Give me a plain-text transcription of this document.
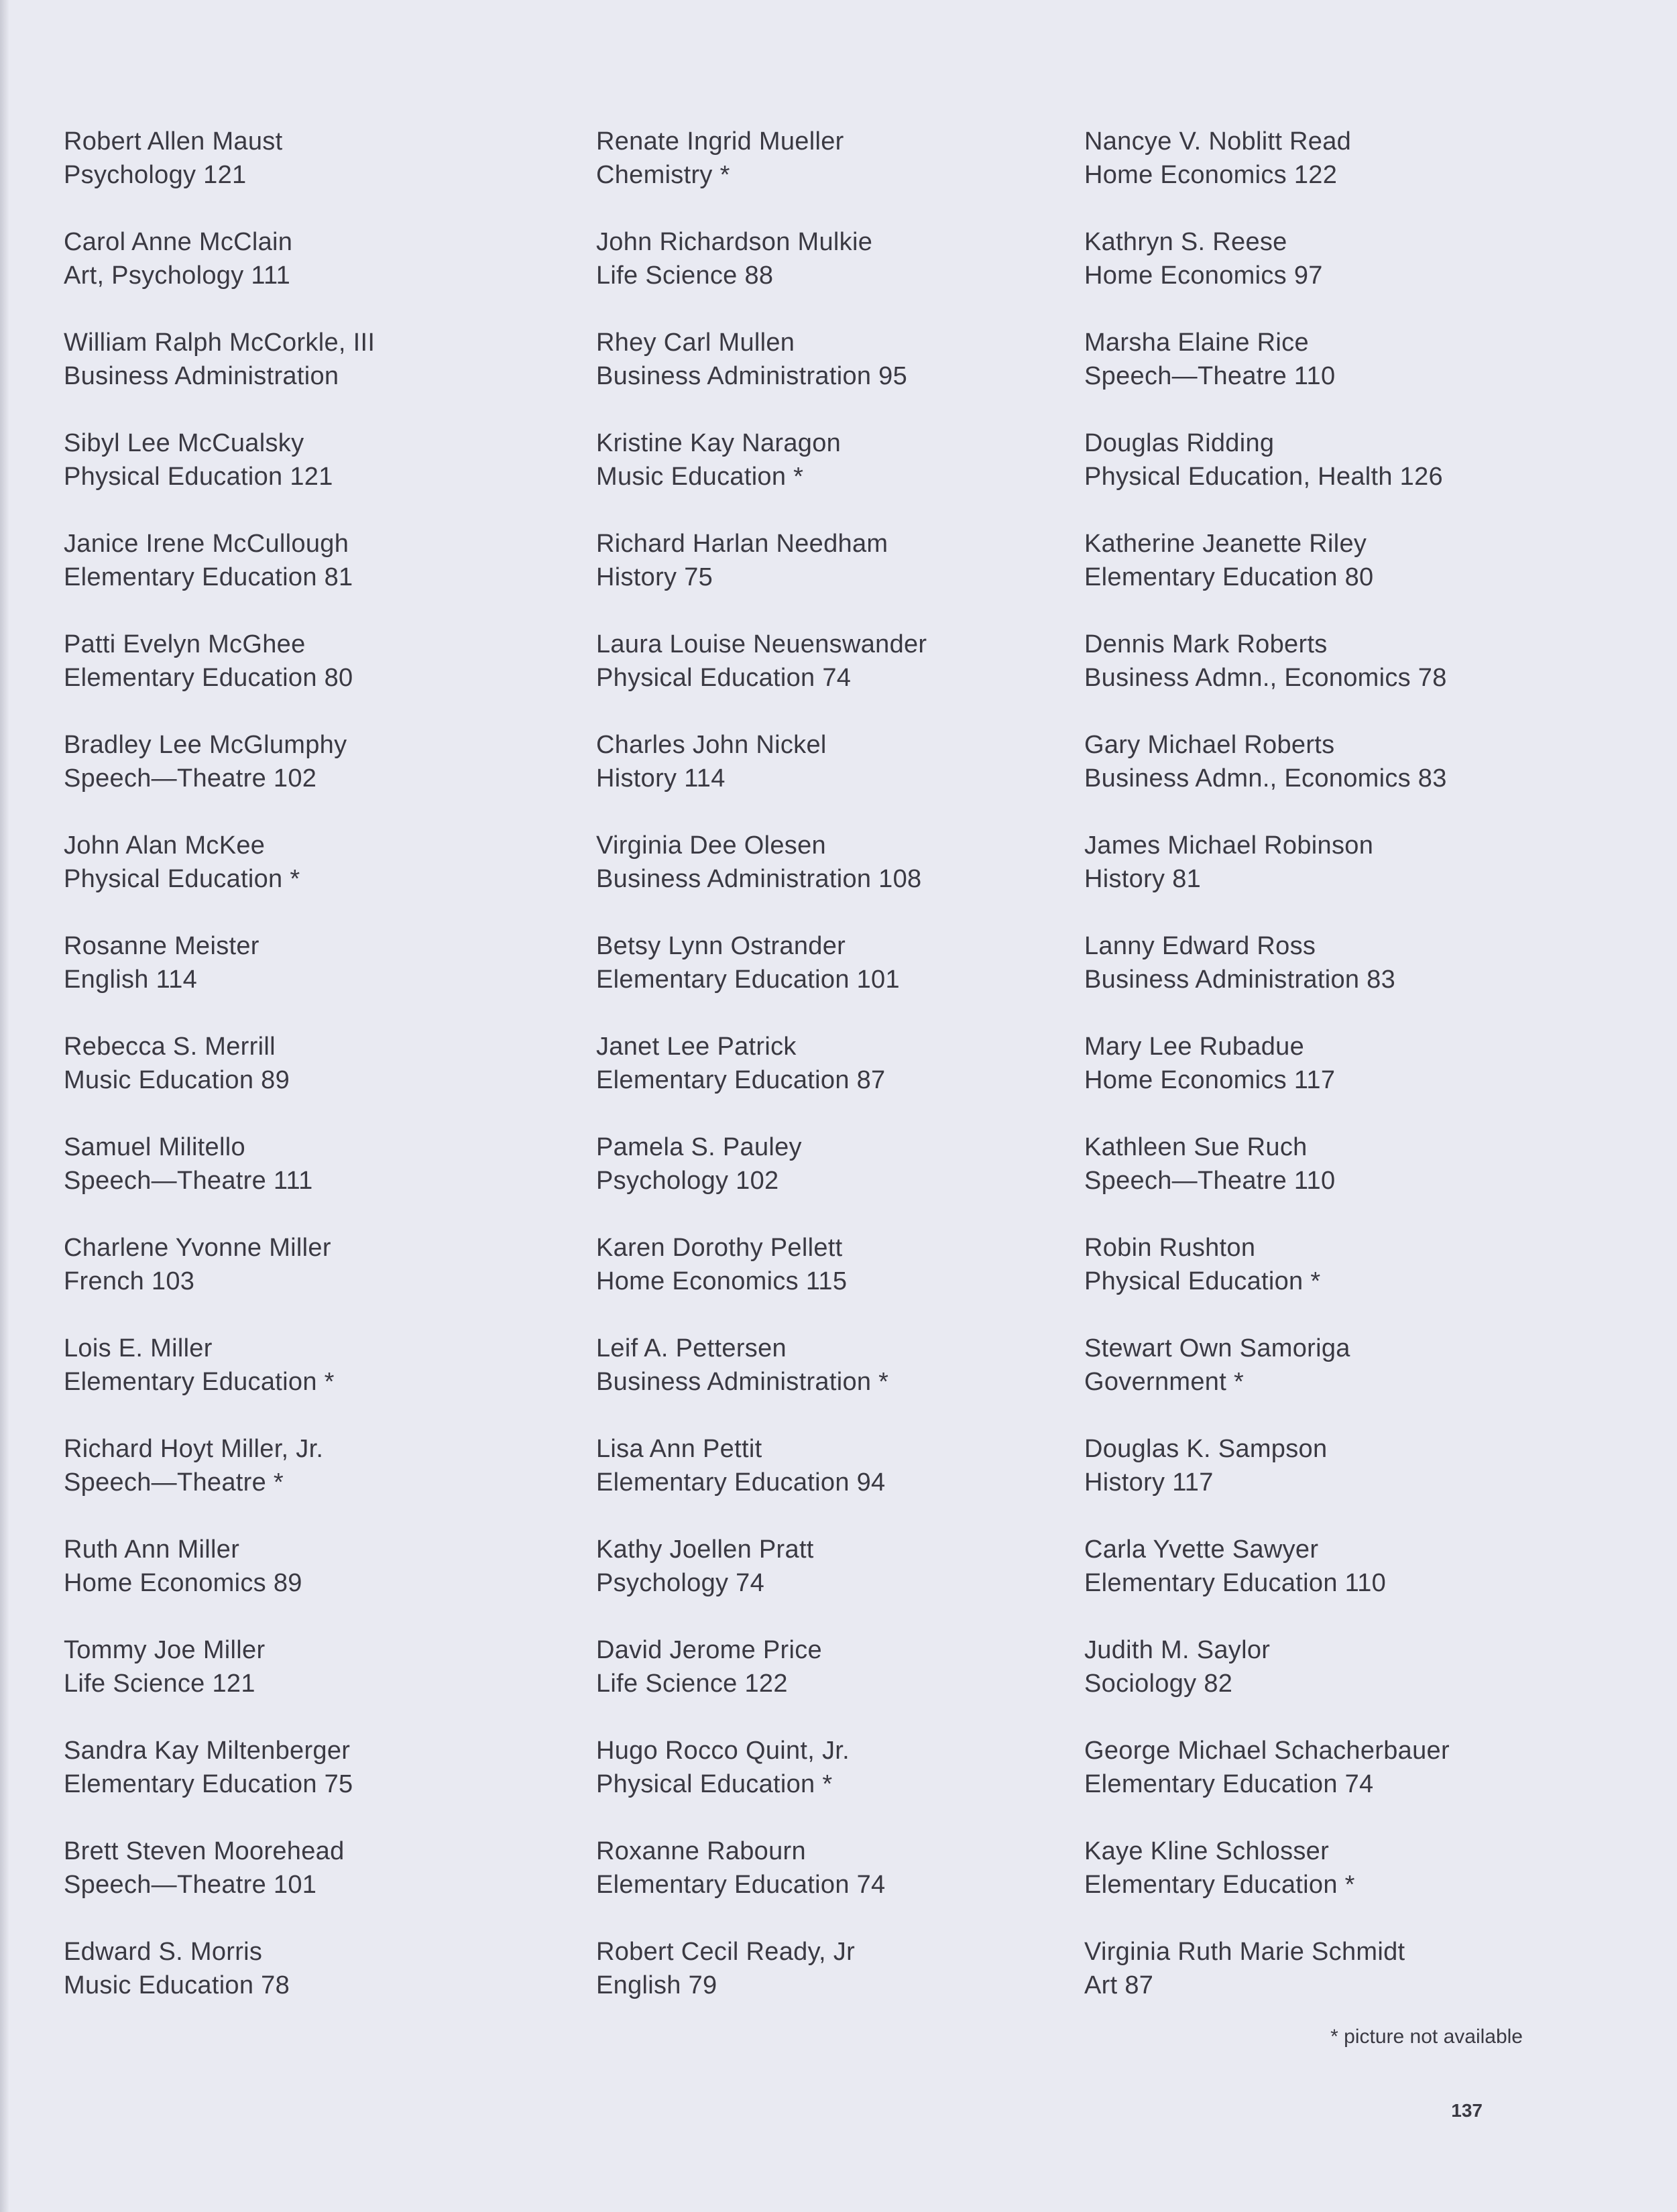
Robert Allen Maust
Psychology 121
Carol Anne McClain
Art, Psychology 111
William Ralph McCorkle, III
Business Administration
Sibyl Lee McCualsky
Physical Education 121
Janice Irene McCullough
Elementary Education 81
Patti Evelyn McGhee
Elementary Education 80
Bradley Lee McGlumphy
Speech—Theatre 102
John Alan McKee
Physical Education *
Rosanne Meister
English 114
Rebecca S. Merrill
Music Education 89
Samuel Militello
Speech—Theatre 111
Charlene Yvonne Miller
French 103
Lois E. Miller
Elementary Education *
Richard Hoyt Miller, Jr.
Speech—Theatre *
Ruth Ann Miller
Home Economics 89
Tommy Joe Miller
Life Science 121
Sandra Kay Miltenberger
Elementary Education 75
Brett Steven Moorehead
Speech—Theatre 101
Edward S. Morris
Music Education 78
Renate Ingrid Mueller
Chemistry *
John Richardson Mulkie
Life Science 88
Rhey Carl Mullen
Business Administration 95
Kristine Kay Naragon
Music Education *
Richard Harlan Needham
History 75
Laura Louise Neuenswander
Physical Education 74
Charles John Nickel
History 114
Virginia Dee Olesen
Business Administration 108
Betsy Lynn Ostrander
Elementary Education 101
Janet Lee Patrick
Elementary Education 87
Pamela S. Pauley
Psychology 102
Karen Dorothy Pellett
Home Economics 115
Leif A. Pettersen
Business Administration *
Lisa Ann Pettit
Elementary Education 94
Kathy Joellen Pratt
Psychology 74
David Jerome Price
Life Science 122
Hugo Rocco Quint, Jr.
Physical Education *
Roxanne Rabourn
Elementary Education 74
Robert Cecil Ready, Jr
English 79
Nancye V. Noblitt Read
Home Economics 122
Kathryn S. Reese
Home Economics 97
Marsha Elaine Rice
Speech—Theatre 110
Douglas Ridding
Physical Education, Health 126
Katherine Jeanette Riley
Elementary Education 80
Dennis Mark Roberts
Business Admn., Economics 78
Gary Michael Roberts
Business Admn., Economics 83
James Michael Robinson
History 81
Lanny Edward Ross
Business Administration 83
Mary Lee Rubadue
Home Economics 117
Kathleen Sue Ruch
Speech—Theatre 110
Robin Rushton
Physical Education *
Stewart Own Samoriga
Government *
Douglas K. Sampson
History 117
Carla Yvette Sawyer
Elementary Education 110
Judith M. Saylor
Sociology 82
George Michael Schacherbauer
Elementary Education 74
Kaye Kline Schlosser
Elementary Education *
Virginia Ruth Marie Schmidt
Art 87
* picture not available
137
